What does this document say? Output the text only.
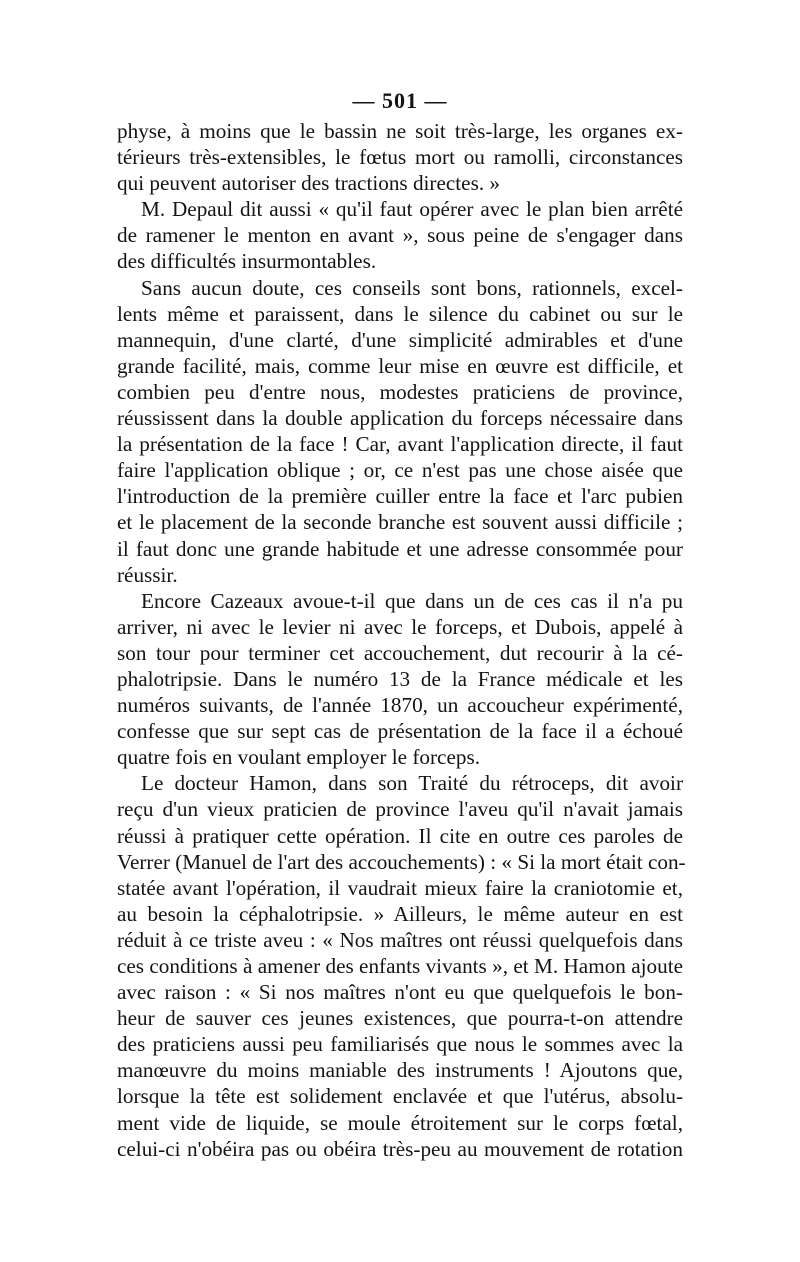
— 501 —
physe, à moins que le bassin ne soit très-large, les organes ex-
térieurs très-extensibles, le fœtus mort ou ramolli, circonstances
qui peuvent autoriser des tractions directes. »
M. Depaul dit aussi « qu'il faut opérer avec le plan bien arrêté
de ramener le menton en avant », sous peine de s'engager dans
des difficultés insurmontables.
Sans aucun doute, ces conseils sont bons, rationnels, excel-
lents même et paraissent, dans le silence du cabinet ou sur le
mannequin, d'une clarté, d'une simplicité admirables et d'une
grande facilité, mais, comme leur mise en œuvre est difficile, et
combien peu d'entre nous, modestes praticiens de province,
réussissent dans la double application du forceps nécessaire dans
la présentation de la face ! Car, avant l'application directe, il faut
faire l'application oblique ; or, ce n'est pas une chose aisée que
l'introduction de la première cuiller entre la face et l'arc pubien
et le placement de la seconde branche est souvent aussi difficile ;
il faut donc une grande habitude et une adresse consommée pour
réussir.
Encore Cazeaux avoue-t-il que dans un de ces cas il n'a pu
arriver, ni avec le levier ni avec le forceps, et Dubois, appelé à
son tour pour terminer cet accouchement, dut recourir à la cé-
phalotripsie. Dans le numéro 13 de la France médicale et les
numéros suivants, de l'année 1870, un accoucheur expérimenté,
confesse que sur sept cas de présentation de la face il a échoué
quatre fois en voulant employer le forceps.
Le docteur Hamon, dans son Traité du rétroceps, dit avoir
reçu d'un vieux praticien de province l'aveu qu'il n'avait jamais
réussi à pratiquer cette opération. Il cite en outre ces paroles de
Verrer (Manuel de l'art des accouchements) : « Si la mort était con-
statée avant l'opération, il vaudrait mieux faire la craniotomie et,
au besoin la céphalotripsie. » Ailleurs, le même auteur en est
réduit à ce triste aveu : « Nos maîtres ont réussi quelquefois dans
ces conditions à amener des enfants vivants », et M. Hamon ajoute
avec raison : « Si nos maîtres n'ont eu que quelquefois le bon-
heur de sauver ces jeunes existences, que pourra-t-on attendre
des praticiens aussi peu familiarisés que nous le sommes avec la
manœuvre du moins maniable des instruments ! Ajoutons que,
lorsque la tête est solidement enclavée et que l'utérus, absolu-
ment vide de liquide, se moule étroitement sur le corps fœtal,
celui-ci n'obéira pas ou obéira très-peu au mouvement de rotation
